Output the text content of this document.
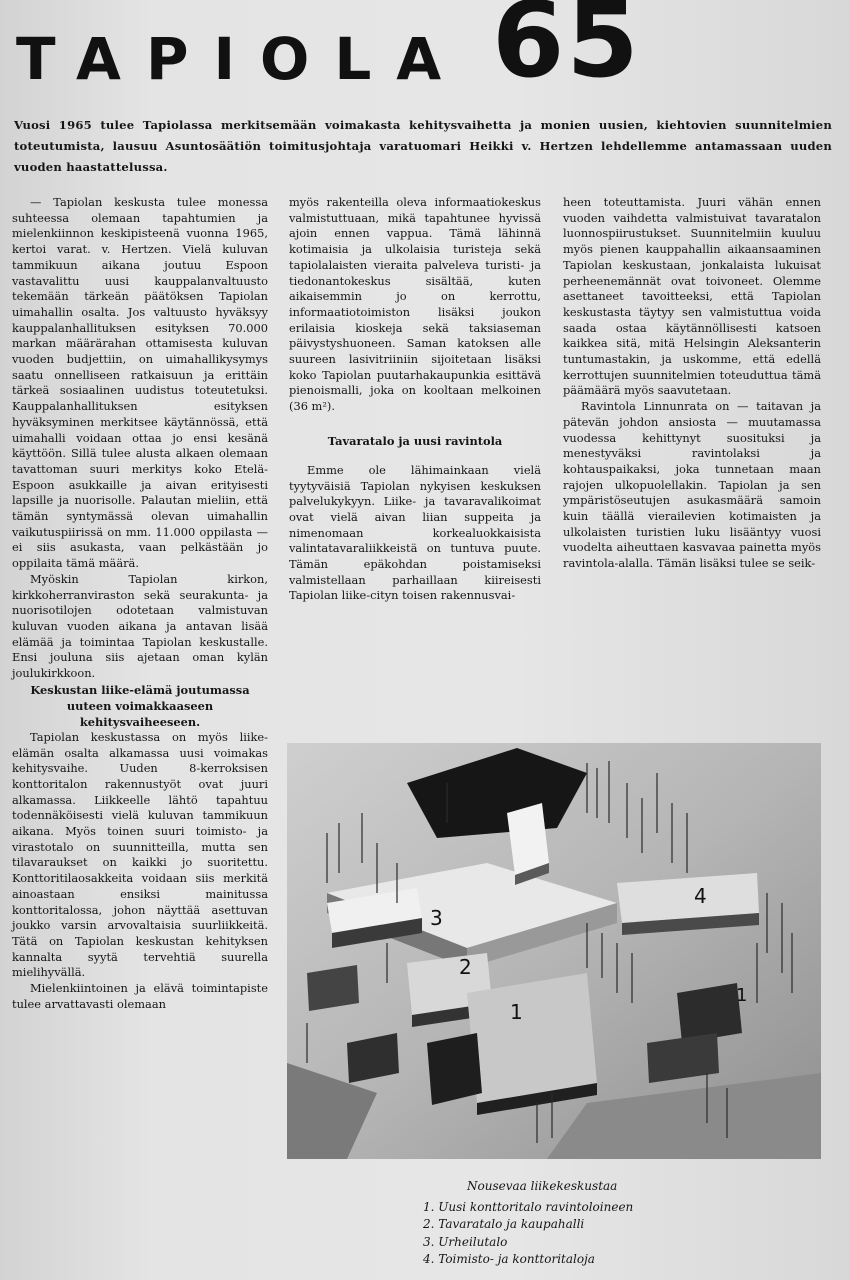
TAPIOLA 65
Vuosi 1965 tulee Tapiolassa merkitsemään voimakasta kehitysvaihetta ja monien uusien, kiehtovien suunnitelmien toteutumista, lausuu Asuntosäätiön toimitusjohtaja varatuomari Heikki v. Hertzen lehdellemme antamassaan uuden vuoden haastattelussa.

— Tapiolan keskusta tulee monessa suhteessa olemaan tapahtumien ja mielenkiinnon keskipisteenä vuonna 1965, kertoi varat. v. Hertzen. Vielä kuluvan tammikuun aikana joutuu Espoon vastavalittu uusi kauppalanvaltuusto tekemään tärkeän päätöksen Tapiolan uimahallin osalta. Jos valtuusto hyväksyy kauppalanhallituksen esityksen 70.000 markan määrärahan ottamisesta kuluvan vuoden budjettiin, on uimahallikysymys saatu onnelliseen ratkaisuun ja erittäin tärkeä sosiaalinen uudistus toteutetuksi. Kauppalanhallituksen esityksen hyväksyminen merkitsee käytännössä, että uimahalli voidaan ottaa jo ensi kesänä käyttöön. Sillä tulee alusta alkaen olemaan tavattoman suuri merkitys koko Etelä-Espoon asukkaille ja aivan erityisesti lapsille ja nuorisolle. Palautan mieliin, että tämän syntymässä olevan uimahallin vaikutuspiirissä on mm. 11.000 oppilasta — ei siis asukasta, vaan pelkästään jo oppilaita tämä määrä.

Myöskin Tapiolan kirkon, kirkkoherranviraston sekä seurakunta- ja nuorisotilojen odotetaan valmistuvan kuluvan vuoden aikana ja antavan lisää elämää ja toimintaa Tapiolan keskustalle. Ensi jouluna siis ajetaan oman kylän joulukirkkoon.

Keskustan liike-elämä joutumassa uuteen voimakkaaseen kehitysvaiheeseen.

Tapiolan keskustassa on myös liike-elämän osalta alkamassa uusi voimakas kehitysvaihe. Uuden 8-kerroksisen konttoritalon rakennustyöt ovat juuri alkamassa. Liikkeelle lähtö tapahtuu todennäköisesti vielä kuluvan tammikuun aikana. Myös toinen suuri toimisto- ja virastotalo on suunnitteilla, mutta sen tilavaraukset on kaikki jo suoritettu. Konttoritilaosakkeita voidaan siis merkitä ainoastaan ensiksi mainitussa konttoritalossa, johon näyttää asettuvan joukko varsin arvovaltaisia suurliikkeitä. Tätä on Tapiolan keskustan kehityksen kannalta syytä tervehtiä suurella mielihyvällä.

Mielenkiintoinen ja elävä toimintapiste tulee arvattavasti olemaan

myös rakenteilla oleva informaatiokeskus valmistuttuaan, mikä tapahtunee hyvissä ajoin ennen vappua. Tämä lähinnä kotimaisia ja ulkolaisia turisteja sekä tapiolalaisten vieraita palveleva turisti- ja tiedonantokeskus sisältää, kuten aikaisemmin jo on kerrottu, informaatiotoimiston lisäksi joukon erilaisia kioskeja sekä taksiaseman päivystyshuoneen. Saman katoksen alle suureen lasivitriiniin sijoitetaan lisäksi koko Tapiolan puutarhakaupunkia esittävä pienoismalli, joka on kooltaan melkoinen (36 m²).

Tavaratalo ja uusi ravintola

Emme ole lähimainkaan vielä tyytyväisiä Tapiolan nykyisen keskuksen palvelukykyyn. Liike- ja tavaravalikoimat ovat vielä aivan liian suppeita ja nimenomaan korkealuokkaisista valintatavaraliikkeistä on tuntuva puute. Tämän epäkohdan poistamiseksi valmistellaan parhaillaan kiireisesti Tapiolan liike-cityn toisen rakennusvai-

heen toteuttamista. Juuri vähän ennen vuoden vaihdetta valmistuivat tavaratalon luonnospiirustukset. Suunnitelmiin kuuluu myös pienen kauppahallin aikaansaaminen Tapiolan keskustaan, jonkalaista lukuisat perheenemännät ovat toivoneet. Olemme asettaneet tavoitteeksi, että Tapiolan keskustasta täytyy sen valmistuttua voida saada ostaa käytännöllisesti katsoen kaikkea sitä, mitä Helsingin Aleksanterin tuntumastakin, ja uskomme, että edellä kerrottujen suunnitelmien toteuduttua tämä päämäärä myös saavutetaan.

Ravintola Linnunrata on — taitavan ja pätevän johdon ansiosta — muutamassa vuodessa kehittynyt suosituksi ja menestyväksi ravintolaksi ja kohtauspaikaksi, joka tunnetaan maan rajojen ulkopuolellakin. Tapiolan ja sen ympäristöseutujen asukasmäärä samoin kuin täällä vierailevien kotimaisten ja ulkolaisten turistien luku lisääntyy vuosi vuodelta aiheuttaen kasvavaa painetta myös ravintola-alalla. Tämän lisäksi tulee se seik-

3
2
1
4
1
Nousevaa liikekeskustaa
1. Uusi konttoritalo ravintoloineen
2. Tavaratalo ja kaupahalli
3. Urheilutalo
4. Toimisto- ja konttoritaloja
